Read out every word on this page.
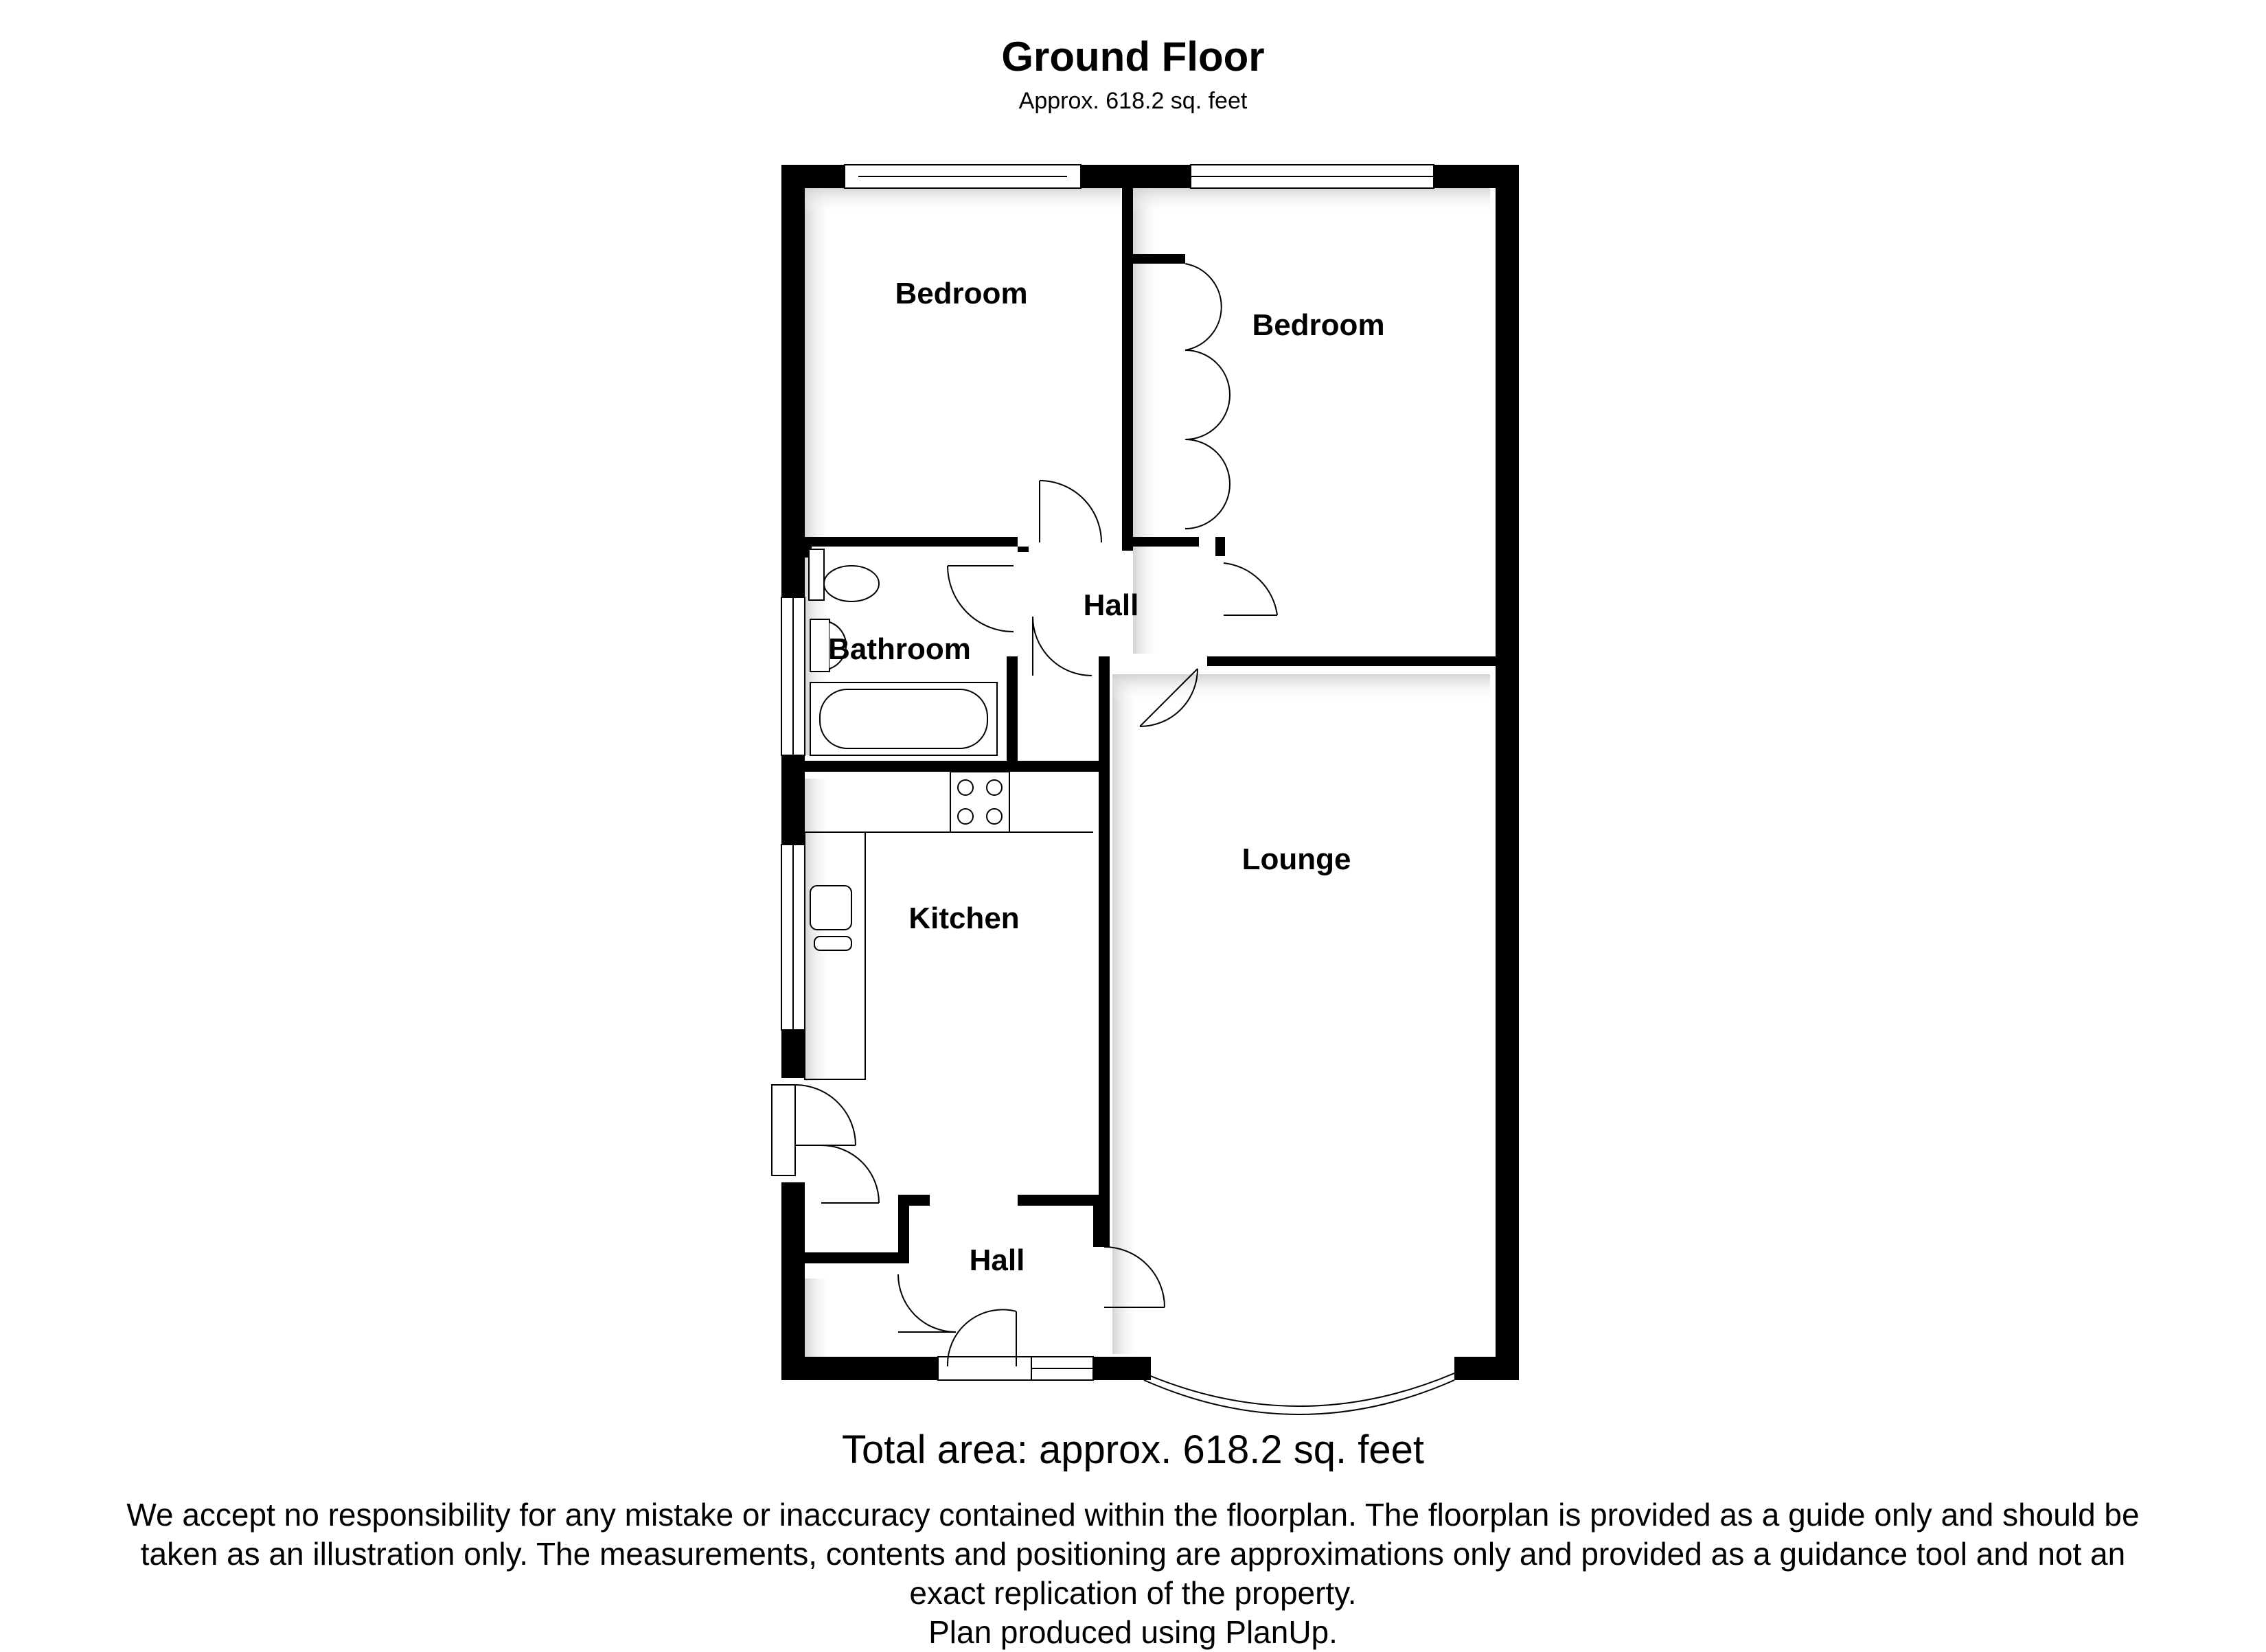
Ground Floor
Approx. 618.2 sq. feet
Bedroom
Bedroom
Hall
Bathroom
Kitchen
Lounge
Hall
Total area: approx. 618.2 sq. feet
We accept no responsibility for any mistake or inaccuracy contained within the floorplan. The floorplan is provided as a guide only and should be
taken as an illustration only. The measurements, contents and positioning are approximations only and provided as a guidance tool and not an
exact replication of the property.
Plan produced using PlanUp.
